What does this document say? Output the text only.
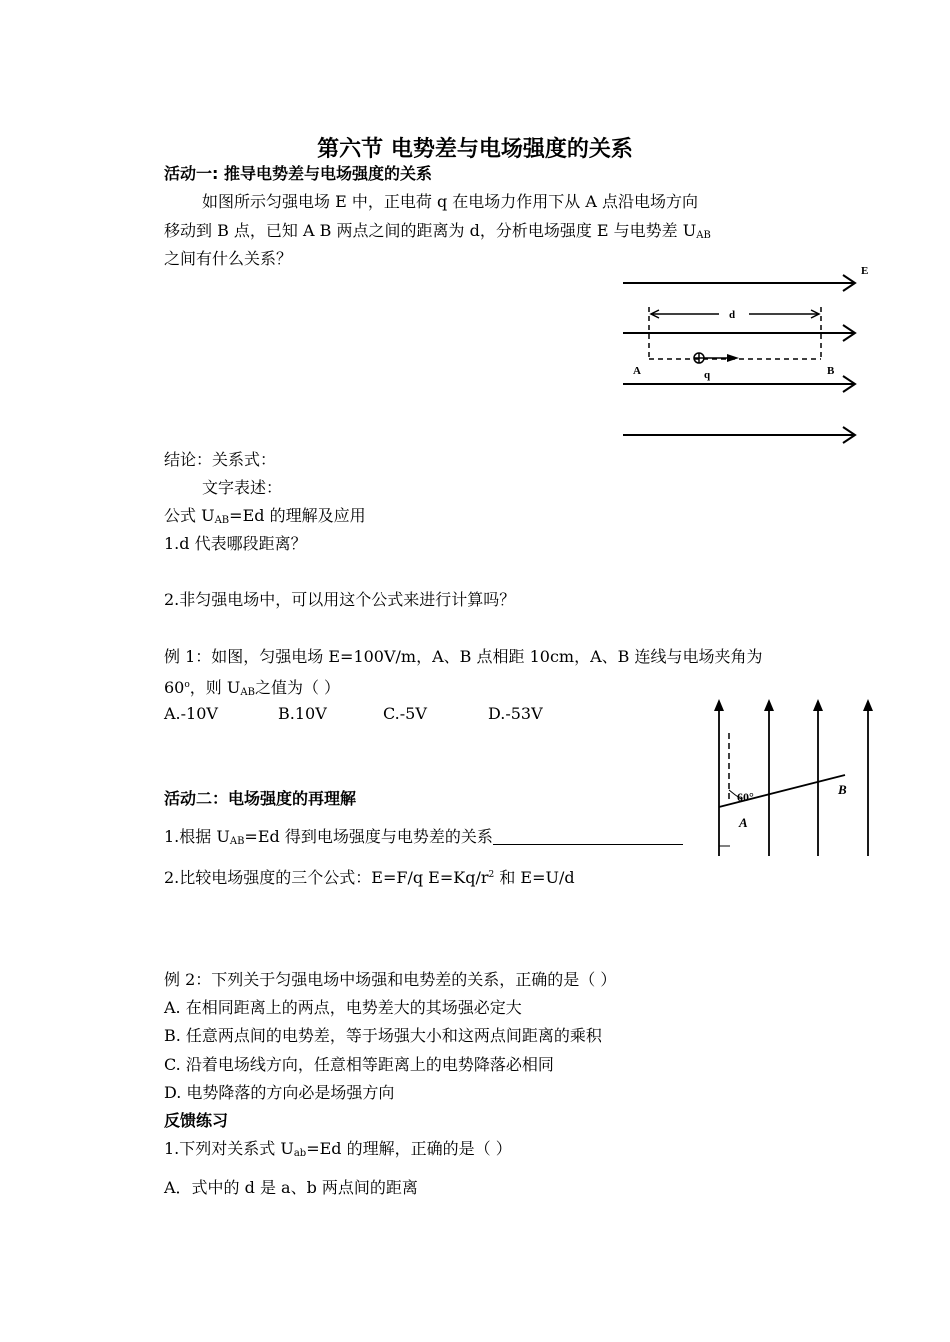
第六节 电势差与电场强度的关系
活动一: 推导电势差与电场强度的关系
如图所示匀强电场 E 中，正电荷 q 在电场力作用下从 A 点沿电场方向
移动到 B 点，已知 A B 两点之间的距离为 d，分析电场强度 E 与电势差 $U_{AB}$
之间有什么关系？
E
d
A	B
q
结论：关系式：
文字表述：
公式 $U_{AB}=Ed$ 的理解及应用
1.d 代表哪段距离？
2.非匀强电场中，可以用这个公式来进行计算吗？
例 1：如图，匀强电场 E=100V/m，A、B 点相距 10cm，A、B 连线与电场夹角为
60$^o$，则 $U_{AB}$之值为（ ）
A.-10V	B.10V	C.-5V	D.-53V
60°
A
B
活动二：电场强度的再理解
1.根据 $U_{AB}=Ed$ 得到电场强度与电势差的关系
2.比较电场强度的三个公式：E=F/q $E=Kq/r^2$ 和 E=U/d
例 2：下列关于匀强电场中场强和电势差的关系，正确的是（ ）
A. 在相同距离上的两点，电势差大的其场强必定大
B. 任意两点间的电势差，等于场强大小和这两点间距离的乘积
C. 沿着电场线方向，任意相等距离上的电势降落必相同
D. 电势降落的方向必是场强方向
反馈练习
1.下列对关系式 $U_{ab}=Ed$ 的理解，正确的是（ ）
A．式中的 d 是 a、b 两点间的距离
